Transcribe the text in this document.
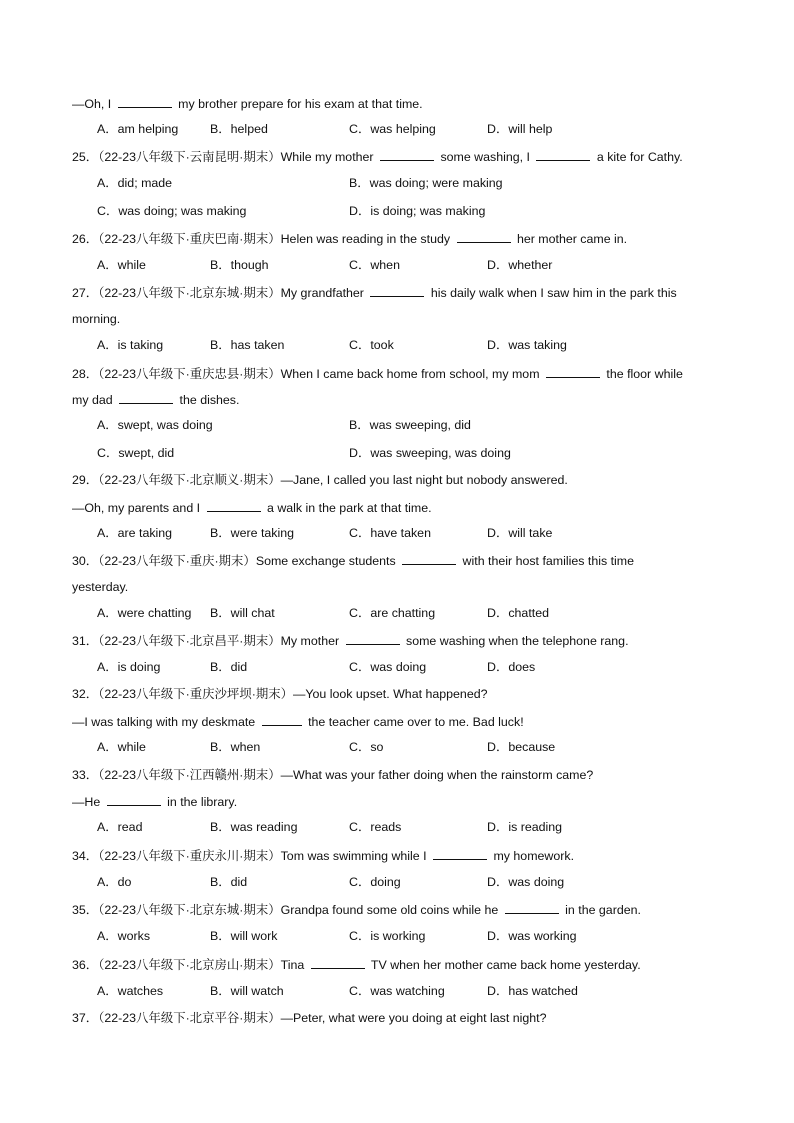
—Oh, I	my brother prepare for his exam at that time.
A．am helping	B．helped	C．was helping	D．will help
25．（22-23八年级下·云南昆明·期末）While my mother	some washing, I	a kite for Cathy.
A．did; made	B．was doing; were making
C．was doing; was making	D．is doing; was making
26．（22-23八年级下·重庆巴南·期末）Helen was reading in the study	her mother came in.
A．while	B．though	C．when	D．whether
27．（22-23八年级下·北京东城·期末）My grandfather	his daily walk when I saw him in the park this
morning.
A．is taking	B．has taken	C．took	D．was taking
28．（22-23八年级下·重庆忠县·期末）When I came back home from school, my mom	the floor while
my dad	the dishes.
A．swept, was doing	B．was sweeping, did
C．swept, did	D．was sweeping, was doing
29．（22-23八年级下·北京顺义·期末）—Jane, I called you last night but nobody answered.
—Oh, my parents and I	a walk in the park at that time.
A．are taking	B．were taking	C．have taken	D．will take
30．（22-23八年级下·重庆·期末）Some exchange students	with their host families this time
yesterday.
A．were chatting B．will chat	C．are chatting	D．chatted
31．（22-23八年级下·北京昌平·期末）My mother	some washing when the telephone rang.
A．is doing	B．did	C．was doing	D．does
32．（22-23八年级下·重庆沙坪坝·期末）—You look upset. What happened?
—I was talking with my deskmate	the teacher came over to me. Bad luck!
A．while	B．when	C．so	D．because
33．（22-23八年级下·江西赣州·期末）—What was your father doing when the rainstorm came?
—He	in the library.
A．read	B．was reading	C．reads	D．is reading
34．（22-23八年级下·重庆永川·期末）Tom was swimming while I	my homework.
A．do	B．did	C．doing	D．was doing
35．（22-23八年级下·北京东城·期末）Grandpa found some old coins while he	in the garden.
A．works	B．will work	C．is working	D．was working
36．（22-23八年级下·北京房山·期末）Tina	TV when her mother came back home yesterday.
A．watches	B．will watch	C．was watching	D．has watched
37．（22-23八年级下·北京平谷·期末）—Peter, what were you doing at eight last night?
